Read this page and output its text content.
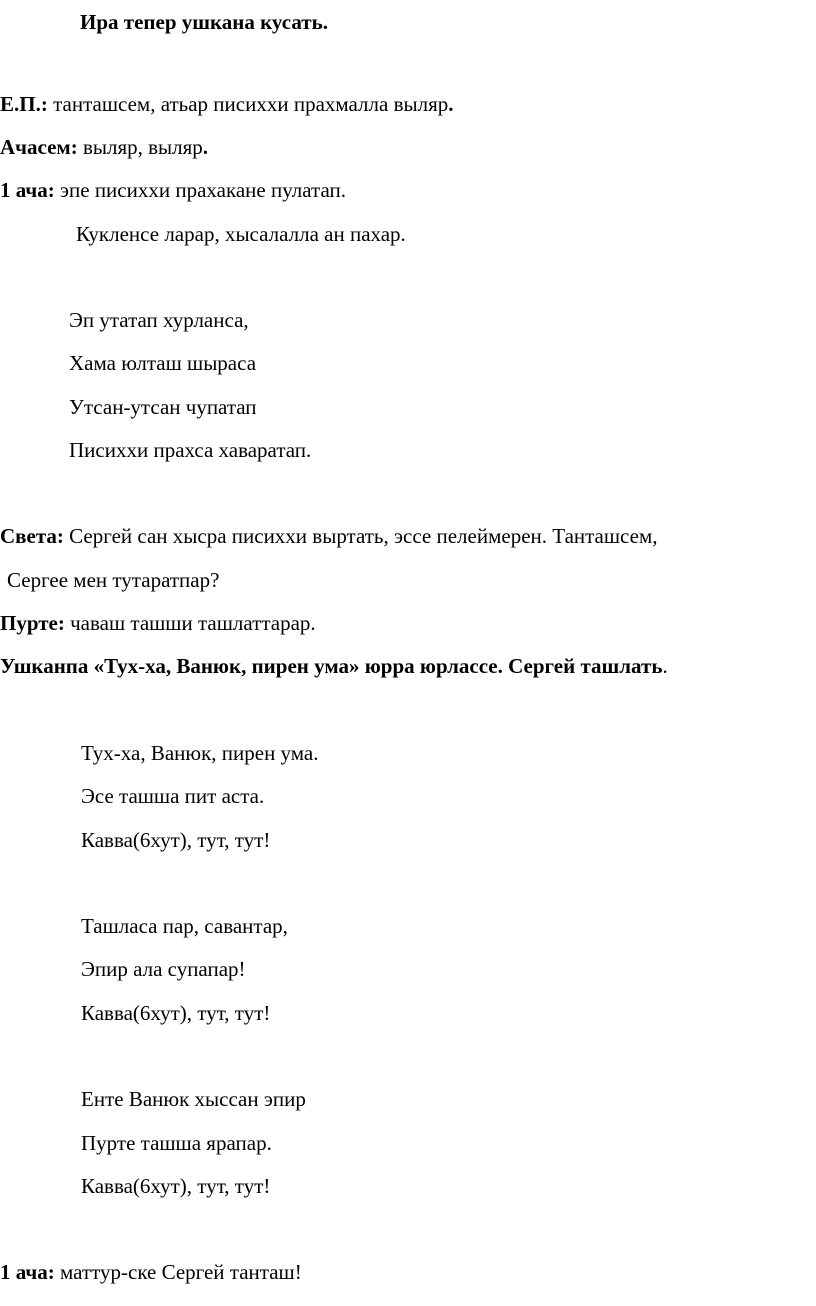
Ира тепер ушкана кусать.
Е.П.: танташсем, атьар писиххи прахмалла выляр.
Ачасем: выляр, выляр.
1 ача: эпе писиххи прахакане пулатап.
Кукленсе ларар, хысалалла ан пахар.
Эп утатап хурланса,
Хама юлташ шыраса
Утсан-утсан чупатап
Писиххи прахса хаваратап.
Света: Сергей сан хысра писиххи выртать, эссе пелеймерен. Танташсем,
Сергее мен тутаратпар?
Пурте: чаваш ташши ташлаттарар.
Ушканпа «Тух-ха, Ванюк, пирен ума» юрра юрлассе. Сергей ташлать.
Тух-ха, Ванюк, пирен ума.
Эсе ташша пит аста.
Кавва(6хут), тут, тут!
Ташласа пар, савантар,
Эпир ала супапар!
Кавва(6хут), тут, тут!
Енте Ванюк хыссан эпир
Пурте ташша ярапар.
Кавва(6хут), тут, тут!
1 ача: маттур-ске Сергей танташ!
